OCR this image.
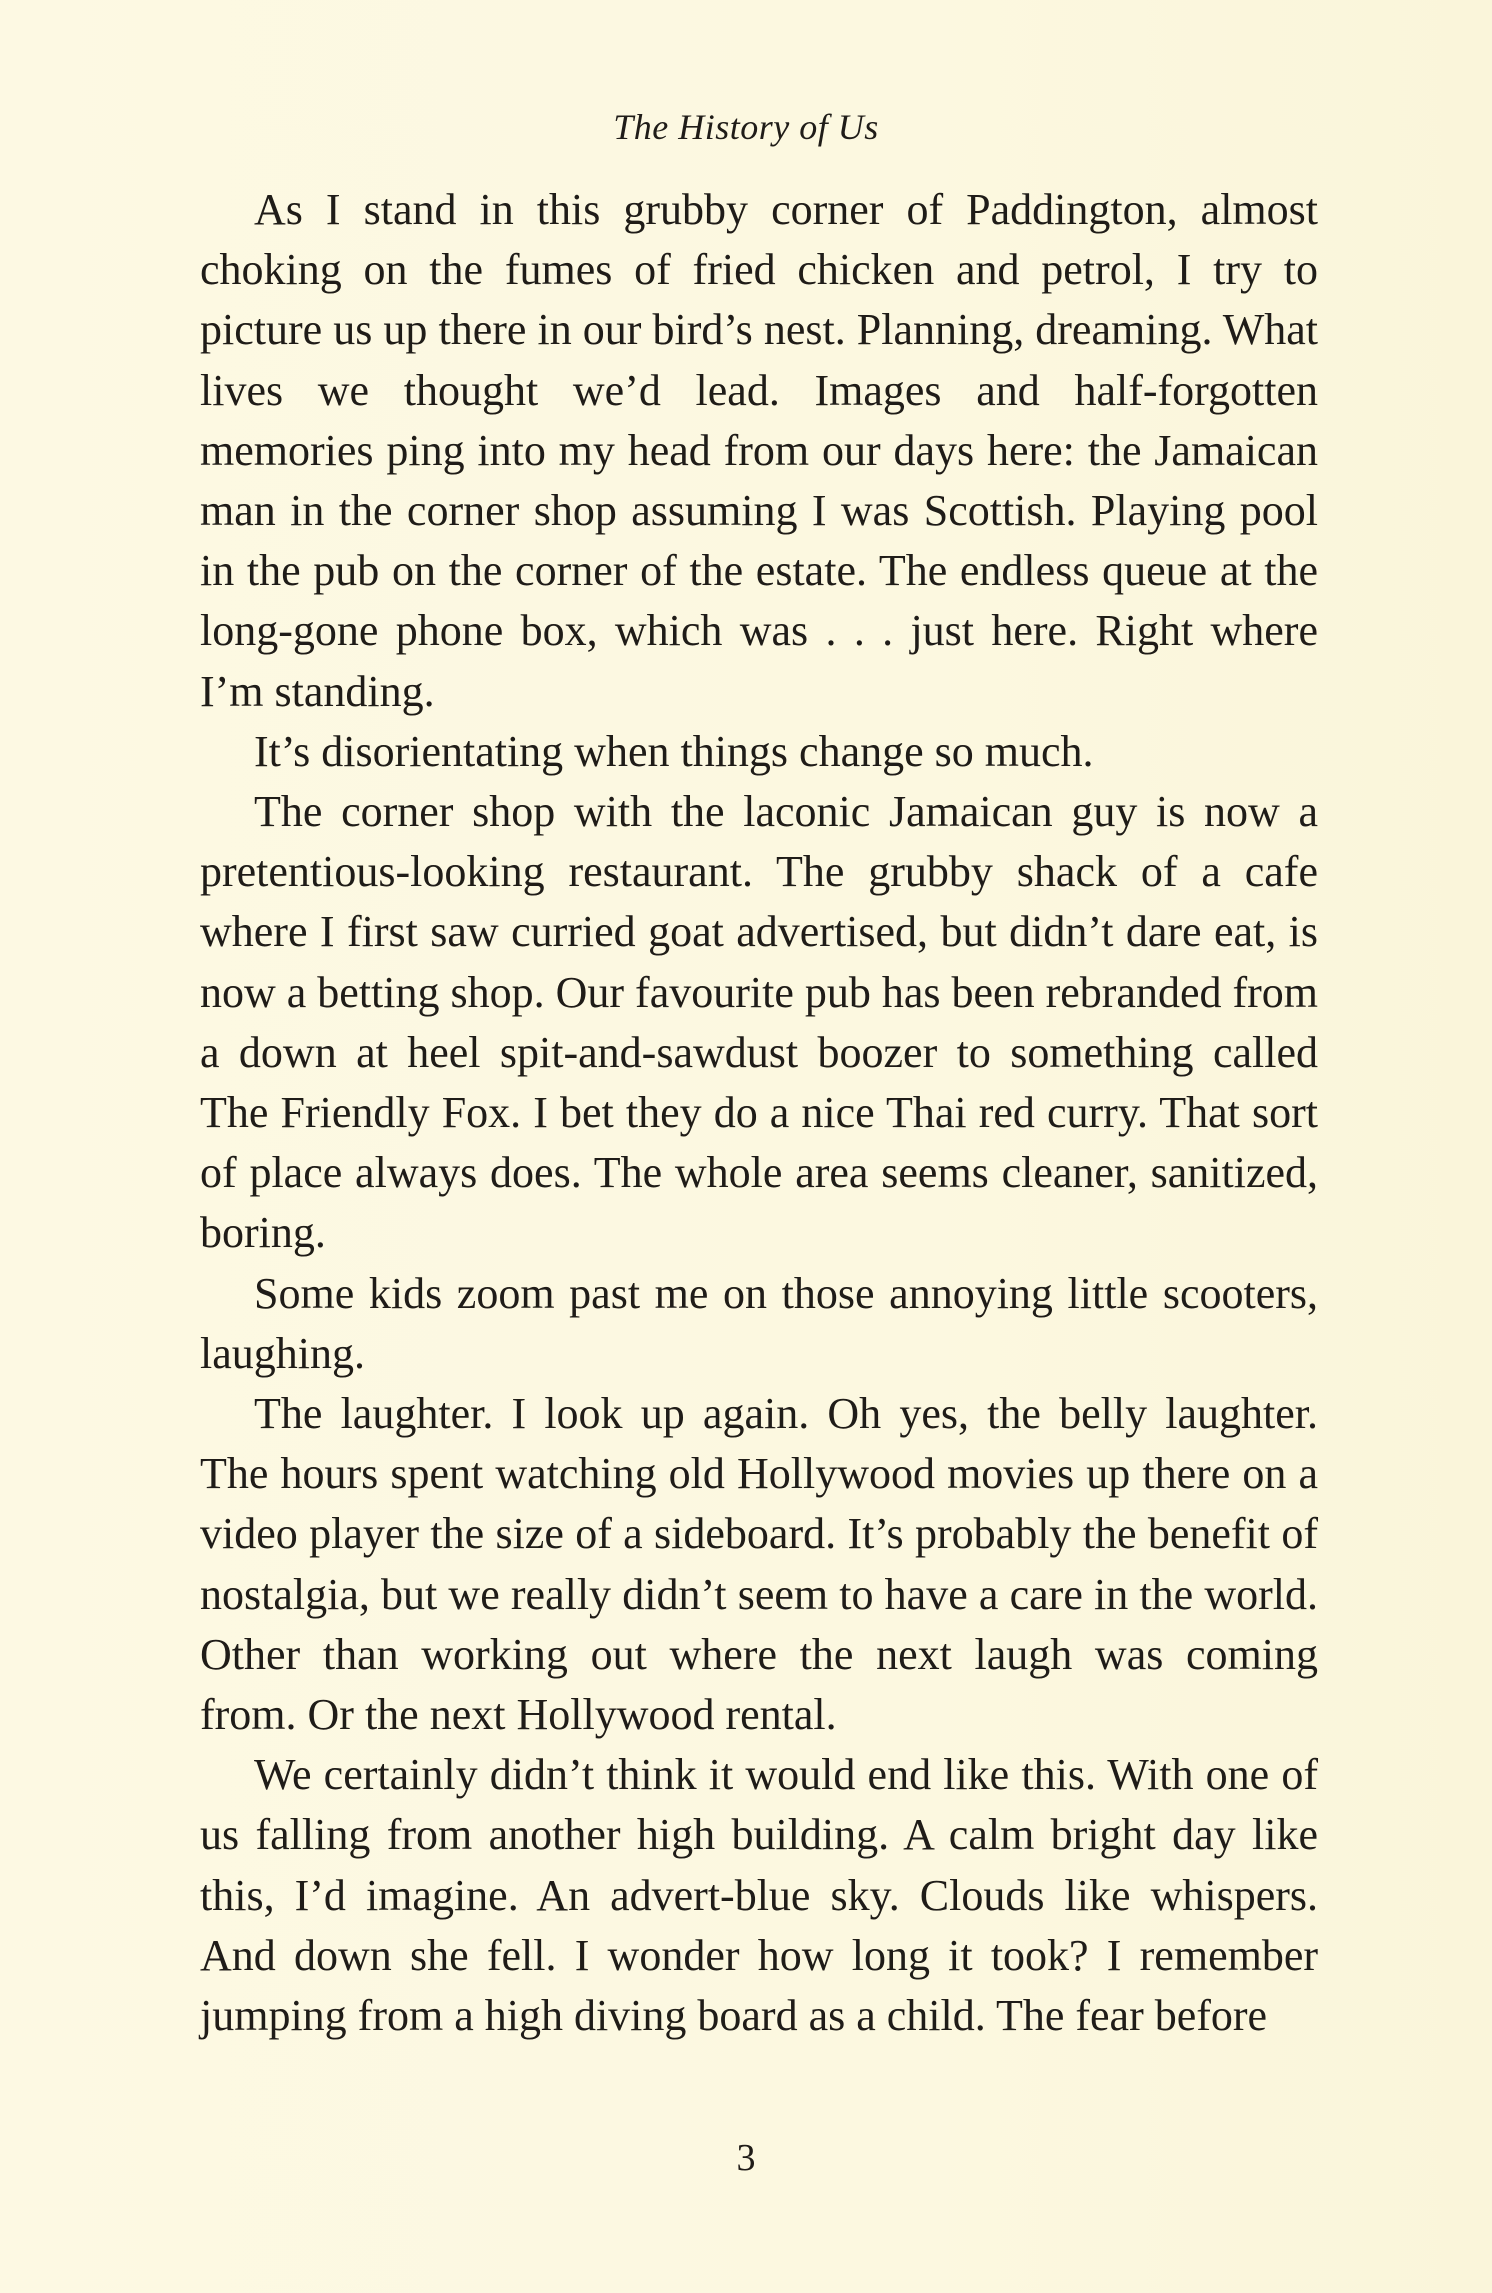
The History of Us

As I stand in this grubby corner of Paddington, almost choking on the fumes of fried chicken and petrol, I try to picture us up there in our bird’s nest. Planning, dreaming. What lives we thought we’d lead. Images and half-forgotten memories ping into my head from our days here: the Jamaican man in the corner shop assuming I was Scottish. Playing pool in the pub on the corner of the estate. The endless queue at the long-gone phone box, which was . . . just here. Right where I’m standing.

It’s disorientating when things change so much.

The corner shop with the laconic Jamaican guy is now a pretentious-looking restaurant. The grubby shack of a cafe where I first saw curried goat advertised, but didn’t dare eat, is now a betting shop. Our favourite pub has been rebranded from a down at heel spit-and-sawdust boozer to something called The Friendly Fox. I bet they do a nice Thai red curry. That sort of place always does. The whole area seems cleaner, sanitized, boring.

Some kids zoom past me on those annoying little scooters, laughing.

The laughter. I look up again. Oh yes, the belly laughter. The hours spent watching old Hollywood movies up there on a video player the size of a sideboard. It’s probably the benefit of nostalgia, but we really didn’t seem to have a care in the world. Other than working out where the next laugh was coming from. Or the next Hollywood rental.

We certainly didn’t think it would end like this. With one of us falling from another high building. A calm bright day like this, I’d imagine. An advert-blue sky. Clouds like whispers. And down she fell. I wonder how long it took? I remember jumping from a high diving board as a child. The fear before

3
